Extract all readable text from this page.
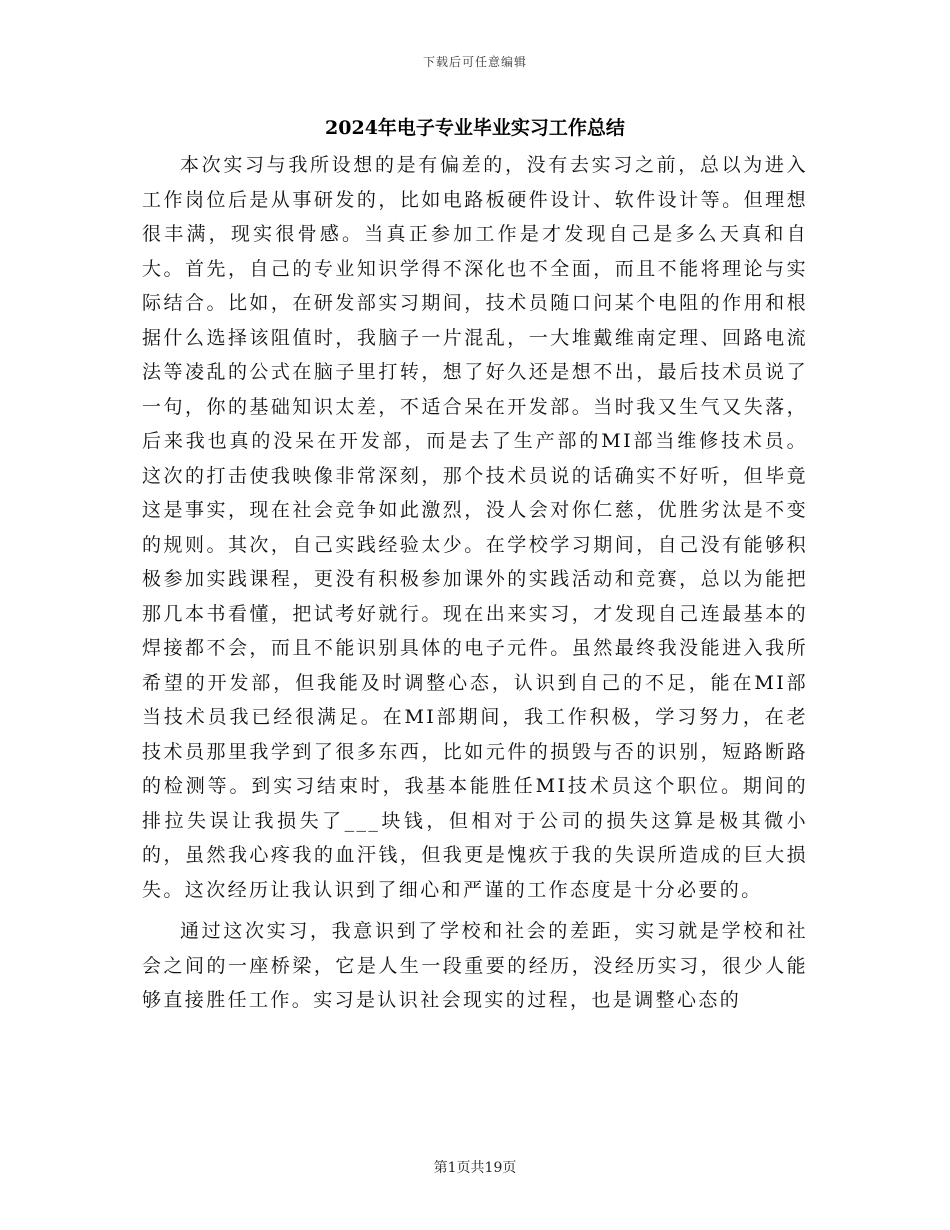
下载后可任意编辑
2024年电子专业毕业实习工作总结

本次实习与我所设想的是有偏差的，没有去实习之前，总以为进入工作岗位后是从事研发的，比如电路板硬件设计、软件设计等。但理想很丰满，现实很骨感。当真正参加工作是才发现自己是多么天真和自大。首先，自己的专业知识学得不深化也不全面，而且不能将理论与实际结合。比如，在研发部实习期间，技术员随口问某个电阻的作用和根据什么选择该阻值时，我脑子一片混乱，一大堆戴维南定理、回路电流法等凌乱的公式在脑子里打转，想了好久还是想不出，最后技术员说了一句，你的基础知识太差，不适合呆在开发部。当时我又生气又失落，后来我也真的没呆在开发部，而是去了生产部的MI部当维修技术员。这次的打击使我映像非常深刻，那个技术员说的话确实不好听，但毕竟这是事实，现在社会竞争如此激烈，没人会对你仁慈，优胜劣汰是不变的规则。其次，自己实践经验太少。在学校学习期间，自己没有能够积极参加实践课程，更没有积极参加课外的实践活动和竞赛，总以为能把那几本书看懂，把试考好就行。现在出来实习，才发现自己连最基本的焊接都不会，而且不能识别具体的电子元件。虽然最终我没能进入我所希望的开发部，但我能及时调整心态，认识到自己的不足，能在MI部当技术员我已经很满足。在MI部期间，我工作积极，学习努力，在老技术员那里我学到了很多东西，比如元件的损毁与否的识别，短路断路的检测等。到实习结束时，我基本能胜任MI技术员这个职位。期间的排拉失误让我损失了___块钱，但相对于公司的损失这算是极其微小的，虽然我心疼我的血汗钱，但我更是愧疚于我的失误所造成的巨大损失。这次经历让我认识到了细心和严谨的工作态度是十分必要的。

通过这次实习，我意识到了学校和社会的差距，实习就是学校和社会之间的一座桥梁，它是人生一段重要的经历，没经历实习，很少人能够直接胜任工作。实习是认识社会现实的过程，也是调整心态的

第1页共19页
